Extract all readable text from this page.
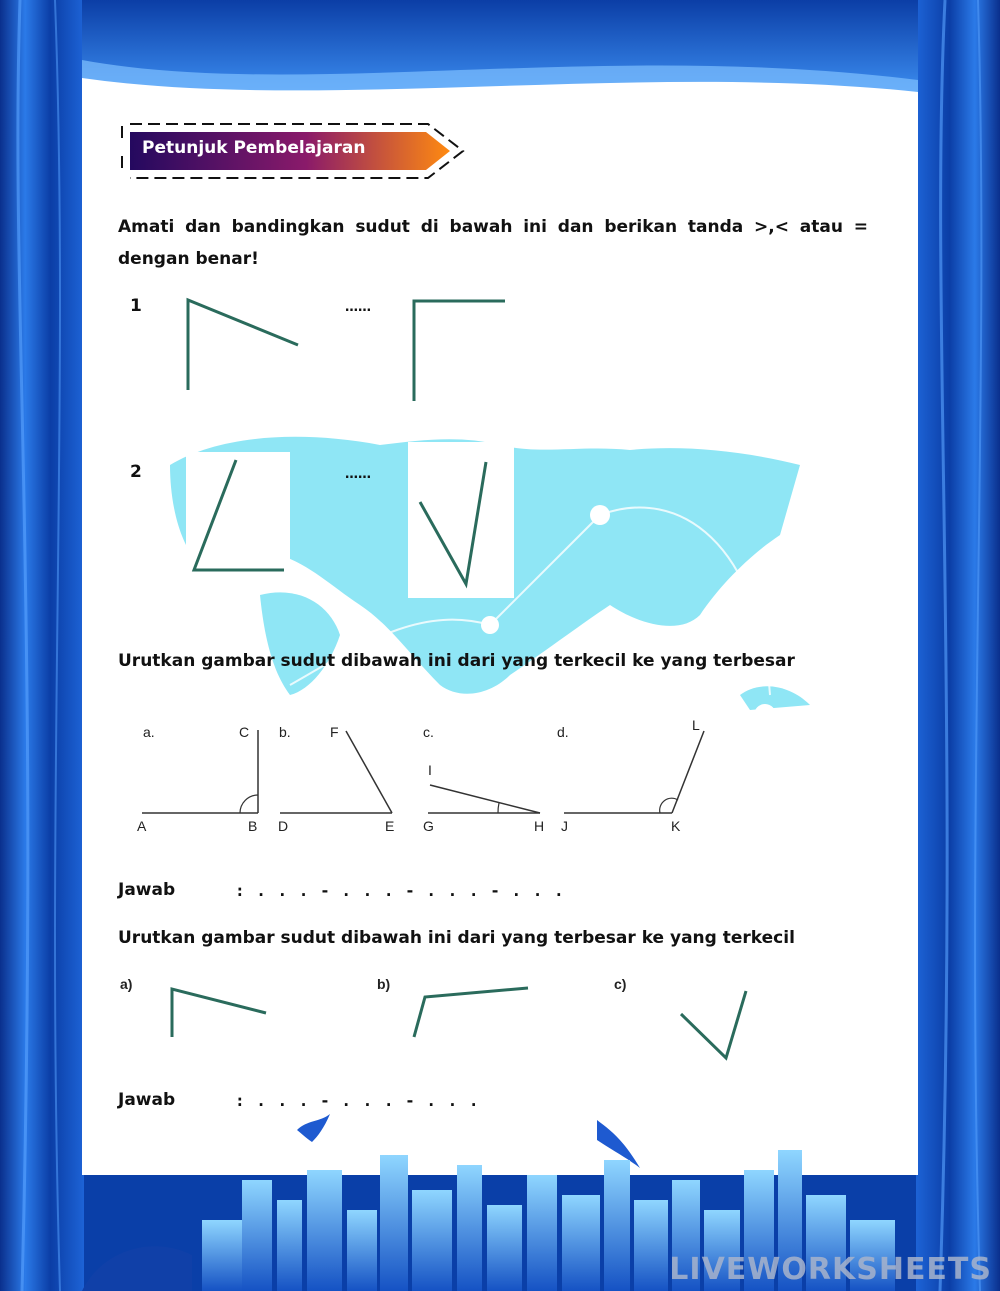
Petunjuk Pembelajaran
Amati dan bandingkan sudut di bawah ini dan berikan tanda >,< atau = dengan benar!
1	……
2	……
Urutkan gambar sudut dibawah ini dari yang terkecil ke yang terbesar
a.	C
A	B
b.	F
D	E
c.
I
G	H
d.	L
J	K
Jawab	: . . . - . . . - . . . - . . .
Urutkan gambar sudut dibawah ini dari yang terbesar ke yang terkecil
a)	b)	c)
Jawab	: . . . - . . . - . . .
LIVEWORKSHEETS
